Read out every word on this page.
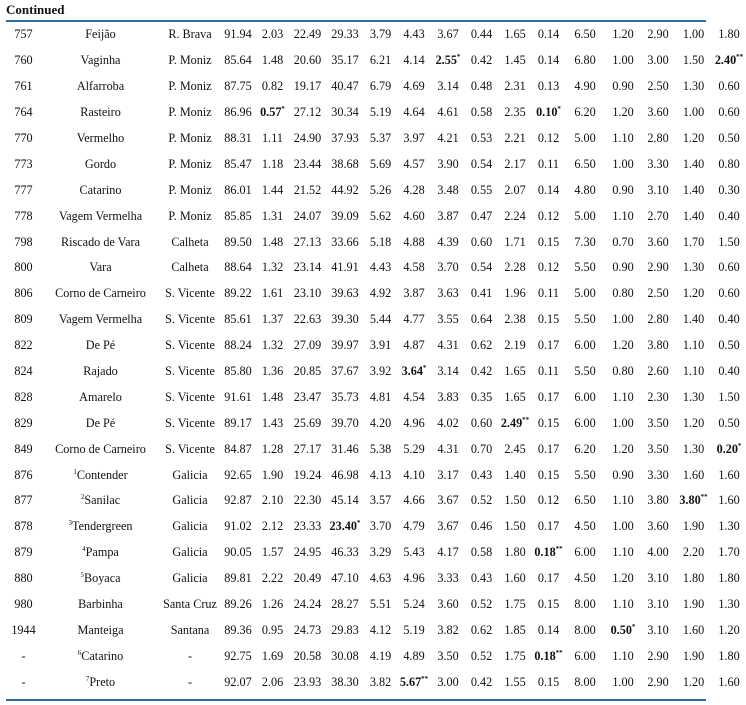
Continued
757	Feijão	R. Brava	91.94	2.03	22.49	29.33	3.79	4.43	3.67	0.44	1.65	0.14	6.50	1.20	2.90	1.00	1.80
760	Vaginha	P. Moniz	85.64	1.48	20.60	35.17	6.21	4.14	2.55*	0.42	1.45	0.14	6.80	1.00	3.00	1.50	2.40**
761	Alfarroba	P. Moniz	87.75	0.82	19.17	40.47	6.79	4.69	3.14	0.48	2.31	0.13	4.90	0.90	2.50	1.30	0.60
764	Rasteiro	P. Moniz	86.96	0.57*	27.12	30.34	5.19	4.64	4.61	0.58	2.35	0.10*	6.20	1.20	3.60	1.00	0.60
770	Vermelho	P. Moniz	88.31	1.11	24.90	37.93	5.37	3.97	4.21	0.53	2.21	0.12	5.00	1.10	2.80	1.20	0.50
773	Gordo	P. Moniz	85.47	1.18	23.44	38.68	5.69	4.57	3.90	0.54	2.17	0.11	6.50	1.00	3.30	1.40	0.80
777	Catarino	P. Moniz	86.01	1.44	21.52	44.92	5.26	4.28	3.48	0.55	2.07	0.14	4.80	0.90	3.10	1.40	0.30
778	Vagem Vermelha	P. Moniz	85.85	1.31	24.07	39.09	5.62	4.60	3.87	0.47	2.24	0.12	5.00	1.10	2.70	1.40	0.40
798	Riscado de Vara	Calheta	89.50	1.48	27.13	33.66	5.18	4.88	4.39	0.60	1.71	0.15	7.30	0.70	3.60	1.70	1.50
800	Vara	Calheta	88.64	1.32	23.14	41.91	4.43	4.58	3.70	0.54	2.28	0.12	5.50	0.90	2.90	1.30	0.60
806	Corno de Carneiro	S. Vicente	89.22	1.61	23.10	39.63	4.92	3.87	3.63	0.41	1.96	0.11	5.00	0.80	2.50	1.20	0.60
809	Vagem Vermelha	S. Vicente	85.61	1.37	22.63	39.30	5.44	4.77	3.55	0.64	2.38	0.15	5.50	1.00	2.80	1.40	0.40
822	De Pé	S. Vicente	88.24	1.32	27.09	39.97	3.91	4.87	4.31	0.62	2.19	0.17	6.00	1.20	3.80	1.10	0.50
824	Rajado	S. Vicente	85.80	1.36	20.85	37.67	3.92	3.64*	3.14	0.42	1.65	0.11	5.50	0.80	2.60	1.10	0.40
828	Amarelo	S. Vicente	91.61	1.48	23.47	35.73	4.81	4.54	3.83	0.35	1.65	0.17	6.00	1.10	2.30	1.30	1.50
829	De Pé	S. Vicente	89.17	1.43	25.69	39.70	4.20	4.96	4.02	0.60	2.49**	0.15	6.00	1.00	3.50	1.20	0.50
849	Corno de Carneiro	S. Vicente	84.87	1.28	27.17	31.46	5.38	5.29	4.31	0.70	2.45	0.17	6.20	1.20	3.50	1.30	0.20*
876	$^1$Contender	Galicia	92.65	1.90	19.24	46.98	4.13	4.10	3.17	0.43	1.40	0.15	5.50	0.90	3.30	1.60	1.60
877	$^2$Sanilac	Galicia	92.87	2.10	22.30	45.14	3.57	4.66	3.67	0.52	1.50	0.12	6.50	1.10	3.80	3.80**	1.60
878	$^3$Tendergreen	Galicia	91.02	2.12	23.33	23.40*	3.70	4.79	3.67	0.46	1.50	0.17	4.50	1.00	3.60	1.90	1.30
879	$^4$Pampa	Galicia	90.05	1.57	24.95	46.33	3.29	5.43	4.17	0.58	1.80	0.18**	6.00	1.10	4.00	2.20	1.70
880	$^5$Boyaca	Galicia	89.81	2.22	20.49	47.10	4.63	4.96	3.33	0.43	1.60	0.17	4.50	1.20	3.10	1.80	1.80
980	Barbinha	Santa Cruz	89.26	1.26	24.24	28.27	5.51	5.24	3.60	0.52	1.75	0.15	8.00	1.10	3.10	1.90	1.30
1944	Manteiga	Santana	89.36	0.95	24.73	29.83	4.12	5.19	3.82	0.62	1.85	0.14	8.00	0.50*	3.10	1.60	1.20
-	$^6$Catarino	-	92.75	1.69	20.58	30.08	4.19	4.89	3.50	0.52	1.75	0.18**	6.00	1.10	2.90	1.90	1.80
-	$^7$Preto	-	92.07	2.06	23.93	38.30	3.82	5.67**	3.00	0.42	1.55	0.15	8.00	1.00	2.90	1.20	1.60
